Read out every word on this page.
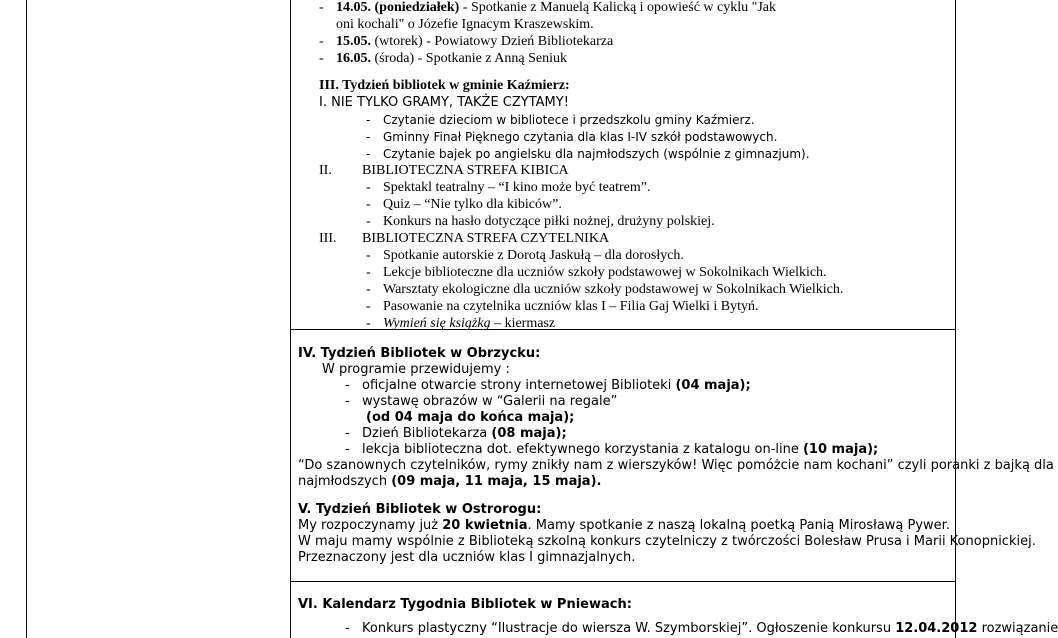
- 14.05. (poniedziałek) - Spotkanie z Manuelą Kalicką i opowieść w cyklu "Jak
oni kochali" o Józefie Ignacym Kraszewskim.
- 15.05. (wtorek) - Powiatowy Dzień Bibliotekarza
- 16.05. (środa) - Spotkanie z Anną Seniuk
III. Tydzień bibliotek w gminie Kaźmierz:
I. NIE TYLKO GRAMY, TAKŻE CZYTAMY!
- Czytanie dzieciom w bibliotece i przedszkolu gminy Kaźmierz.
- Gminny Finał Pięknego czytania dla klas I-IV szkół podstawowych.
- Czytanie bajek po angielsku dla najmłodszych (wspólnie z gimnazjum).
II. BIBLIOTECZNA STREFA KIBICA
- Spektakl teatralny – “I kino może być teatrem”.
- Quiz – “Nie tylko dla kibiców”.
- Konkurs na hasło dotyczące piłki nożnej, drużyny polskiej.
III. BIBLIOTECZNA STREFA CZYTELNIKA
- Spotkanie autorskie z Dorotą Jaskułą – dla dorosłych.
- Lekcje biblioteczne dla uczniów szkoły podstawowej w Sokolnikach Wielkich.
- Warsztaty ekologiczne dla uczniów szkoły podstawowej w Sokolnikach Wielkich.
- Pasowanie na czytelnika uczniów klas I – Filia Gaj Wielki i Bytyń.
- Wymień się książką – kiermasz
IV. Tydzień Bibliotek w Obrzycku:
W programie przewidujemy :
- oficjalne otwarcie strony internetowej Biblioteki (04 maja);
- wystawę obrazów w “Galerii na regale”
(od 04 maja do końca maja);
- Dzień Bibliotekarza (08 maja);
- lekcja biblioteczna dot. efektywnego korzystania z katalogu on-line (10 maja);
“Do szanownych czytelników, rymy znikły nam z wierszyków! Więc pomóżcie nam kochani” czyli poranki z bajką dla
najmłodszych (09 maja, 11 maja, 15 maja).
V. Tydzień Bibliotek w Ostrorogu:
My rozpoczynamy już 20 kwietnia. Mamy spotkanie z naszą lokalną poetką Panią Mirosławą Pywer.
W maju mamy wspólnie z Biblioteką szkolną konkurs czytelniczy z twórczości Bolesław Prusa i Marii Konopnickiej.
Przeznaczony jest dla uczniów klas I gimnazjalnych.
VI. Kalendarz Tygodnia Bibliotek w Pniewach:
- Konkurs plastyczny “Ilustracje do wiersza W. Szymborskiej”. Ogłoszenie konkursu 12.04.2012 rozwiązanie
